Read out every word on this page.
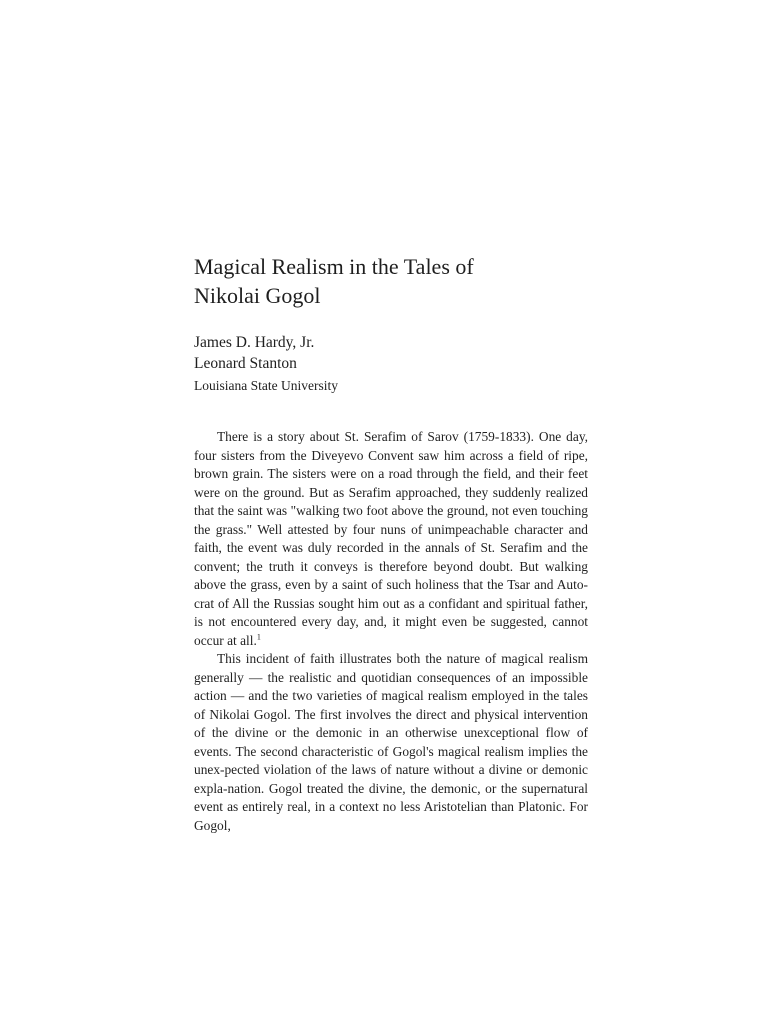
Magical Realism in the Tales of
Nikolai Gogol
James D. Hardy, Jr.
Leonard Stanton
Louisiana State University

There is a story about St. Serafim of Sarov (1759-1833). One day, four sisters from the Diveyevo Convent saw him across a field of ripe, brown grain. The sisters were on a road through the field, and their feet were on the ground. But as Serafim approached, they suddenly realized that the saint was "walking two foot above the ground, not even touching the grass." Well attested by four nuns of unimpeachable character and faith, the event was duly recorded in the annals of St. Serafim and the convent; the truth it conveys is therefore beyond doubt. But walking above the grass, even by a saint of such holiness that the Tsar and Auto-crat of All the Russias sought him out as a confidant and spiritual father, is not encountered every day, and, it might even be suggested, cannot occur at all.$^1$

This incident of faith illustrates both the nature of magical realism generally — the realistic and quotidian consequences of an impossible action — and the two varieties of magical realism employed in the tales of Nikolai Gogol. The first involves the direct and physical intervention of the divine or the demonic in an otherwise unexceptional flow of events. The second characteristic of Gogol's magical realism implies the unex-pected violation of the laws of nature without a divine or demonic expla-nation. Gogol treated the divine, the demonic, or the supernatural event as entirely real, in a context no less Aristotelian than Platonic. For Gogol,
